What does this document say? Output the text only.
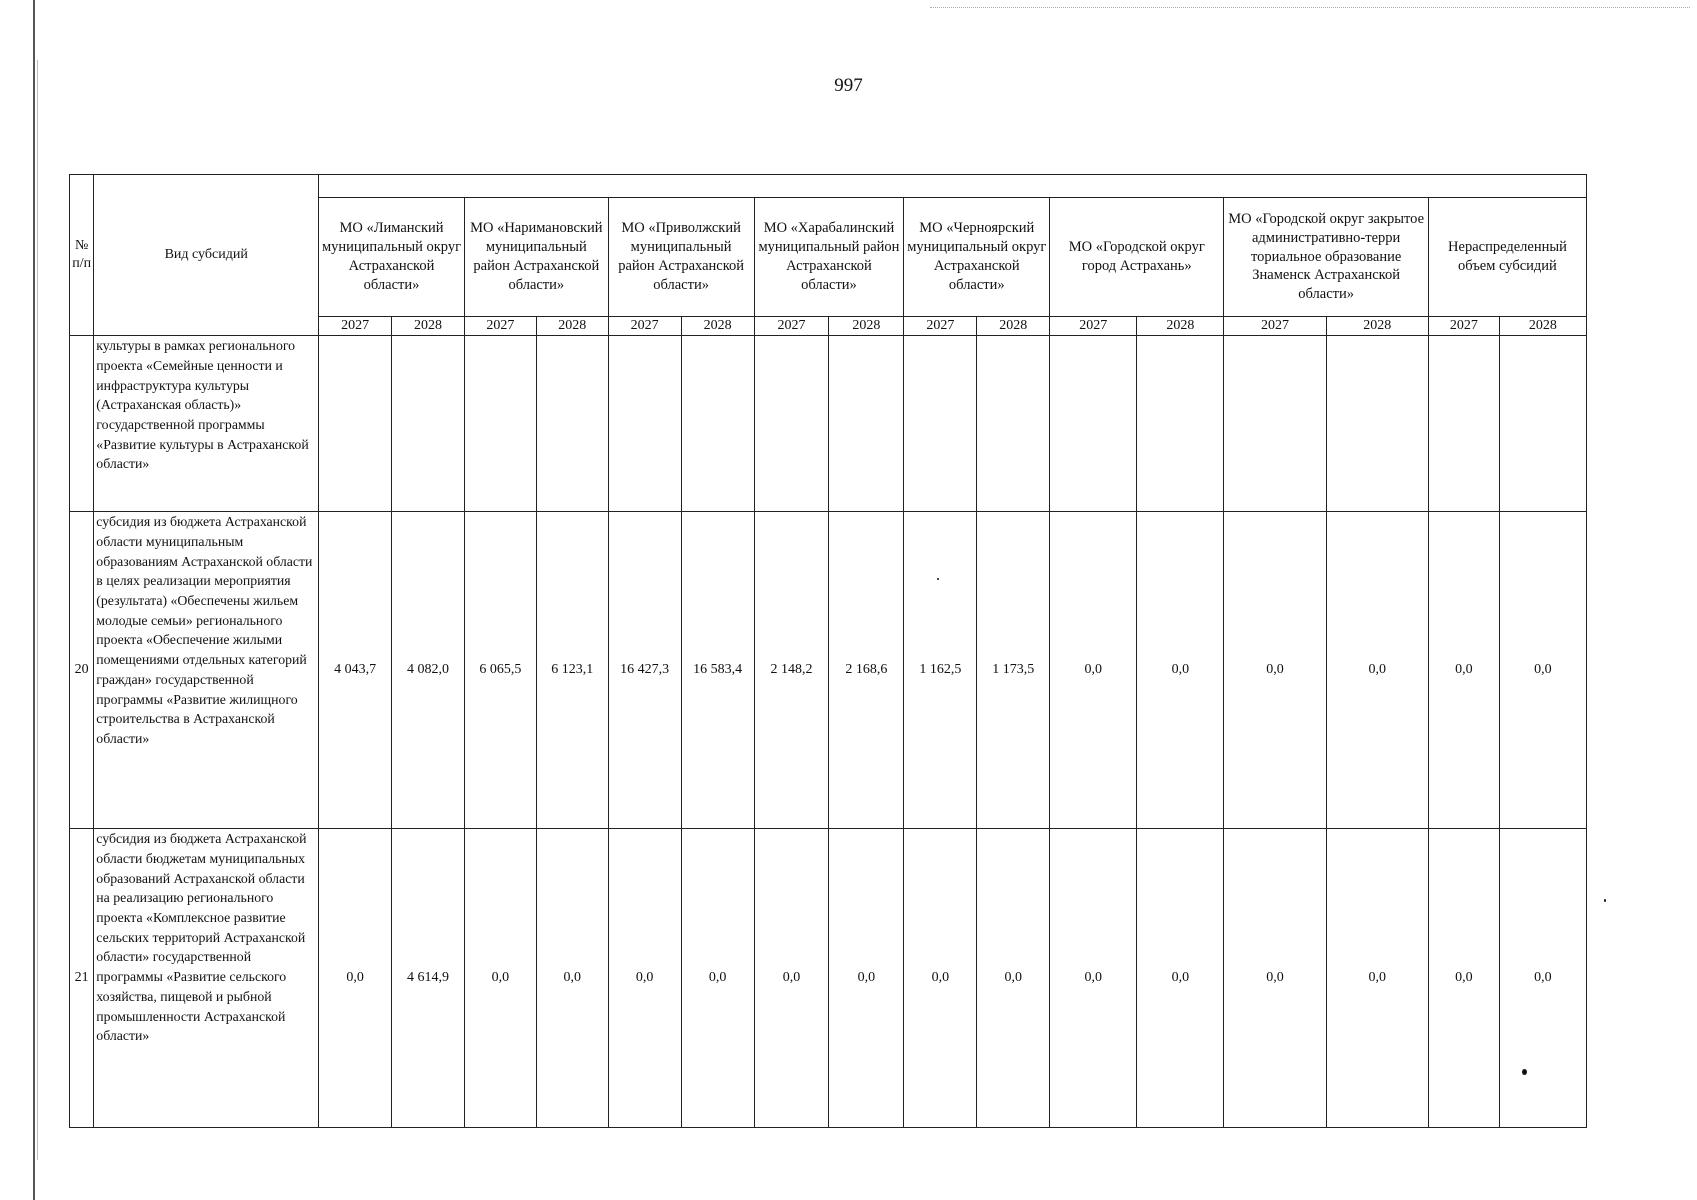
997
№ п/п	Вид субсидий																
		МО «Лиманский муниципальный округ Астраханской области»		МО «Наримановский муниципальный район Астраханской области»		МО «Приволжский муниципальный район Астраханской области»		МО «Харабалинский муниципальный район Астраханской области»		МО «Черноярский муниципальный округ Астраханской области»		МО «Городской округ город Астрахань»		МО «Городской округ закрытое административно-терри ториальное образование Знаменск Астраханской области»		Нераспределенный объем субсидий	
		2027	2028	2027	2028	2027	2028	2027	2028	2027	2028	2027	2028	2027	2028	2027	2028
	культуры в рамках регионального проекта «Семейные ценности и инфраструктура культуры (Астраханская область)» государственной программы «Развитие культуры в Астраханской области»																
20	субсидия из бюджета Астраханской области муниципальным образованиям Астраханской области в целях реализации мероприятия (результата) «Обеспечены жильем молодые семьи» регионального проекта «Обеспечение жилыми помещениями отдельных категорий граждан» государственной программы «Развитие жилищного строительства в Астраханской области»	4 043,7	4 082,0	6 065,5	6 123,1	16 427,3	16 583,4	2 148,2	2 168,6	1 162,5	1 173,5	0,0	0,0	0,0	0,0	0,0	0,0
21	субсидия из бюджета Астраханской области бюджетам муниципальных образований Астраханской области на реализацию регионального проекта «Комплексное развитие сельских территорий Астраханской области» государственной программы «Развитие сельского хозяйства, пищевой и рыбной промышленности Астраханской области»	0,0	4 614,9	0,0	0,0	0,0	0,0	0,0	0,0	0,0	0,0	0,0	0,0	0,0	0,0	0,0	0,0
